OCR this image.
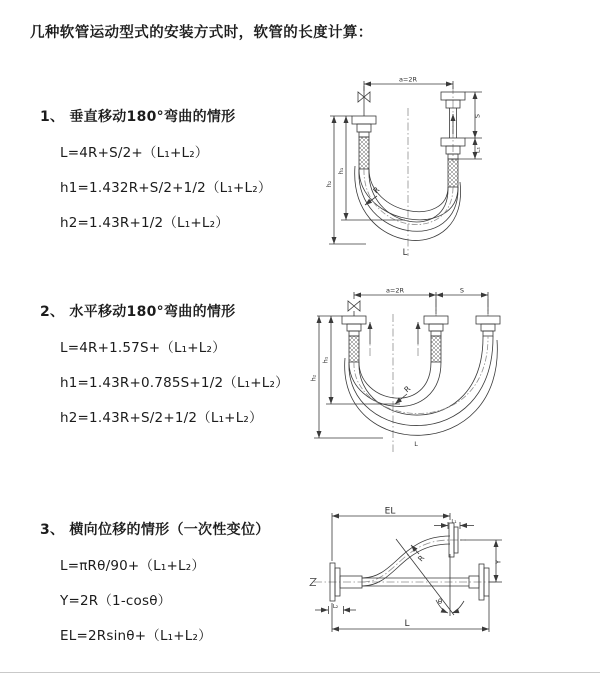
几种软管运动型式的安装方式时，软管的长度计算：
1、 垂直移动180°弯曲的情形
L=4R+S/2+（L₁+L₂）
h1=1.432R+S/2+1/2（L₁+L₂）
h2=1.43R+1/2（L₁+L₂）
2、 水平移动180°弯曲的情形
L=4R+1.57S+（L₁+L₂）
h1=1.43R+0.785S+1/2（L₁+L₂）
h2=1.43R+S/2+1/2（L₁+L₂）
3、 横向位移的情形（一次性变位）
L=πRθ/90+（L₁+L₂）
Y=2R（1-cosθ）
EL=2Rsinθ+（L₁+L₂）
a=2R
S
L₁
h₁
h₂
R
L
a=2R	S
h₁
h₂
R
L
EL
L₁
Y
R
θ
L
L₂
